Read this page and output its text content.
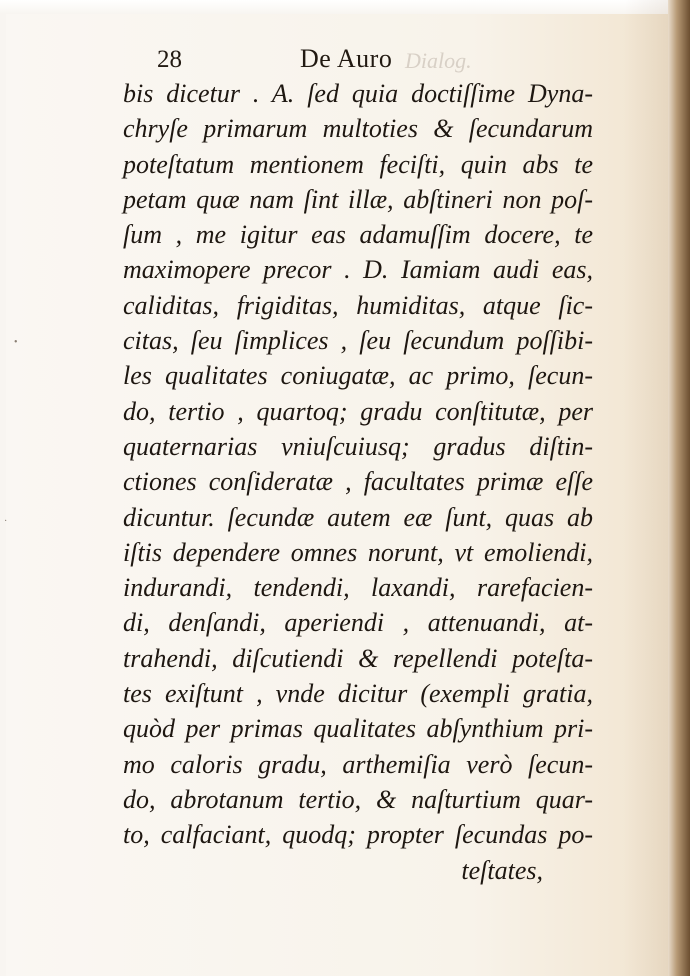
28	De Auro Dialog.
•
·
bis dicetur . A. ſed quia doctiſſime Dyna-
chryſe primarum multoties & ſecundarum
poteſtatum mentionem feciſti, quin abs te
petam quæ nam ſint illæ, abſtineri non poſ-
ſum , me igitur eas adamuſſim docere, te
maximopere precor . D. Iamiam audi eas,
caliditas, frigiditas, humiditas, atque ſic-
citas, ſeu ſimplices , ſeu ſecundum poſſibi-
les qualitates coniugatæ, ac primo, ſecun-
do, tertio , quartoq; gradu conſtitutæ, per
quaternarias vniuſcuiusq; gradus diſtin-
ctiones conſideratæ , facultates primæ eſſe
dicuntur. ſecundæ autem eæ ſunt, quas ab
iſtis dependere omnes norunt, vt emoliendi,
indurandi, tendendi, laxandi, rarefacien-
di, denſandi, aperiendi , attenuandi, at-
trahendi, diſcutiendi & repellendi poteſta-
tes exiſtunt , vnde dicitur (exempli gratia,
quòd per primas qualitates abſynthium pri-
mo caloris gradu, arthemiſia verò ſecun-
do, abrotanum tertio, & naſturtium quar-
to, calfaciant, quodq; propter ſecundas po-
teſtates,
